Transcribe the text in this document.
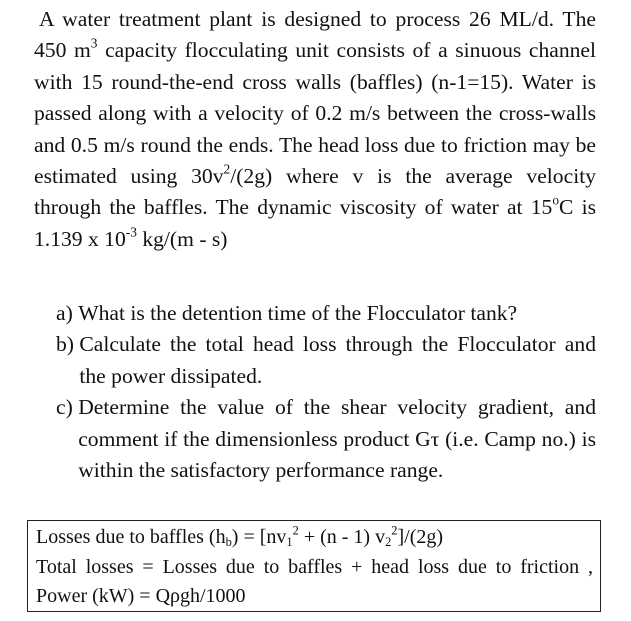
A water treatment plant is designed to process 26 ML/d. The 450 $m^3$ capacity flocculating unit consists of a sinuous channel with 15 round-the-end cross walls (baffles) (n-1=15). Water is passed along with a velocity of 0.2 m/s between the cross-walls and 0.5 m/s round the ends. The head loss due to friction may be estimated using $30v^2/(2g)$ where v is the average velocity through the baffles. The dynamic viscosity of water at 15$^o$C is 1.139 x $10^{-3}$ kg/(m - s)

a) What is the detention time of the Flocculator tank?
b) Calculate the total head loss through the Flocculator and the power dissipated.
c) Determine the value of the shear velocity gradient, and comment if the dimensionless product Gτ (i.e. Camp no.) is within the satisfactory performance range.

Losses due to baffles $(h_b) = [nv_1^2 + (n - 1)$ $v_2^2]/(2g)$

Total losses = Losses due to baffles + head loss due to friction , Power (kW) = Qρgh/1000
